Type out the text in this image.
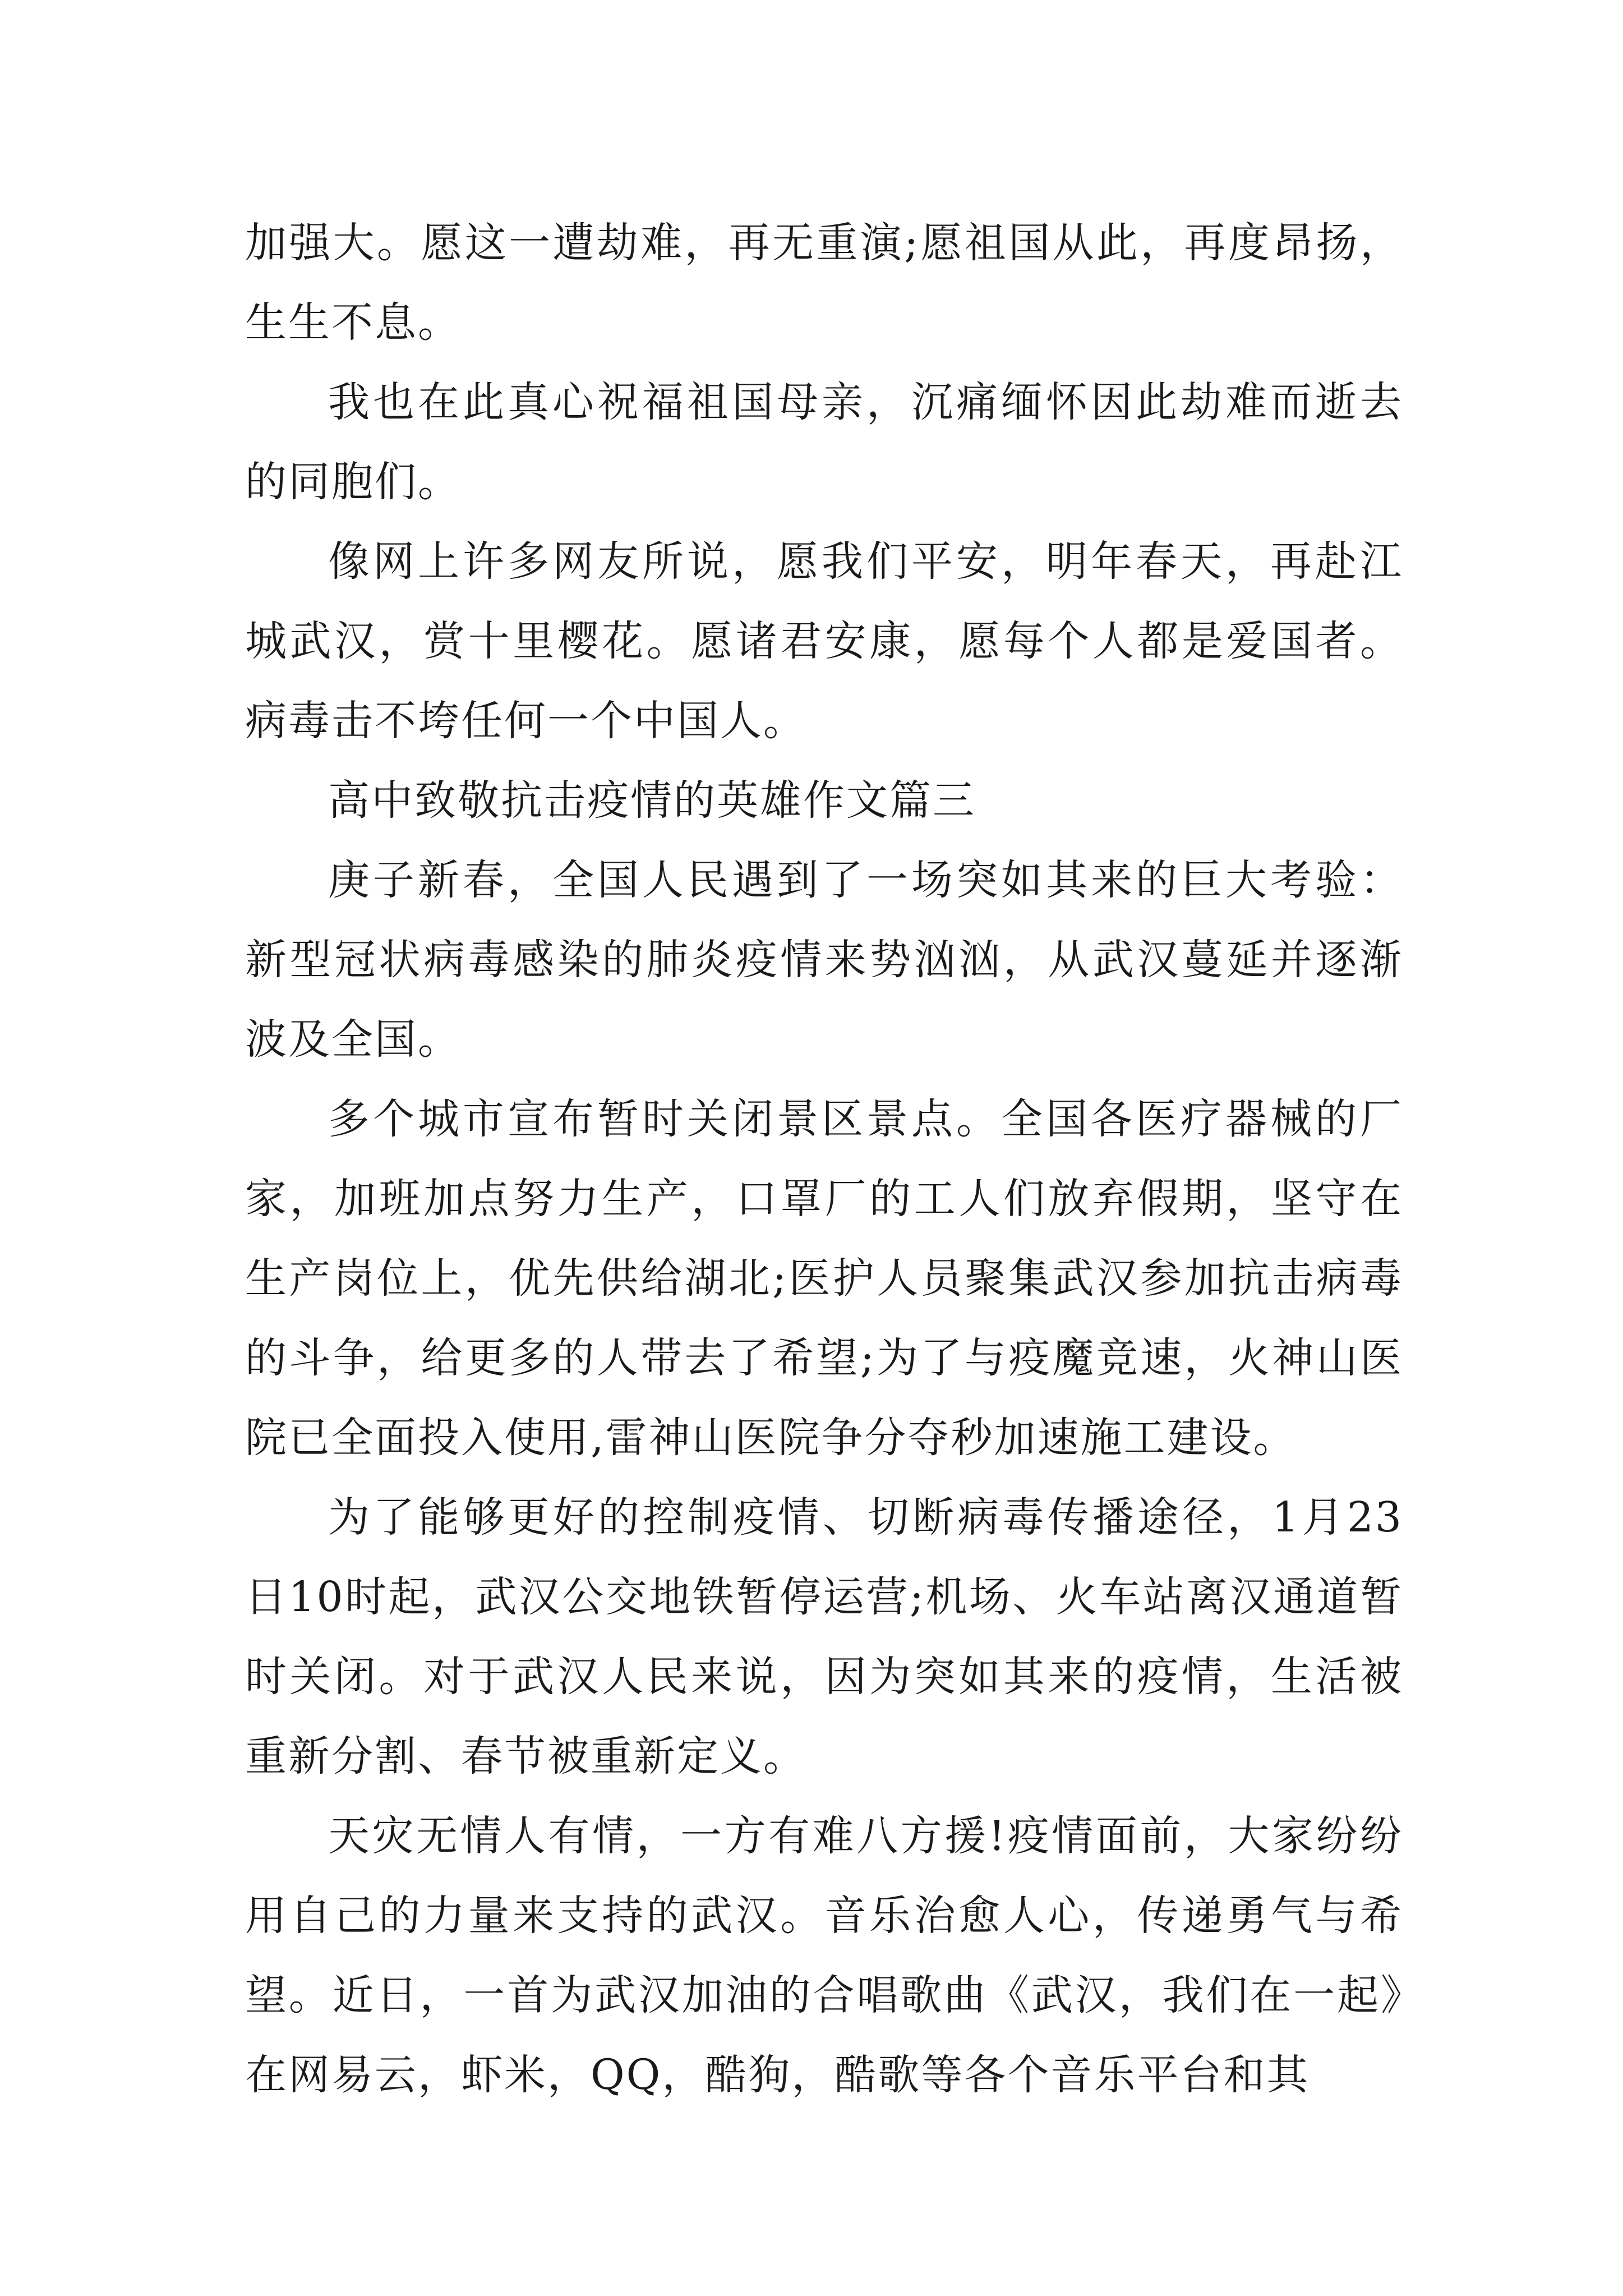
加强大。愿这一遭劫难，再无重演;愿祖国从此，再度昂扬，生生不息。

我也在此真心祝福祖国母亲，沉痛缅怀因此劫难而逝去的同胞们。

像网上许多网友所说，愿我们平安，明年春天，再赴江城武汉，赏十里樱花。愿诸君安康，愿每个人都是爱国者。病毒击不垮任何一个中国人。

高中致敬抗击疫情的英雄作文篇三

庚子新春，全国人民遇到了一场突如其来的巨大考验：新型冠状病毒感染的肺炎疫情来势汹汹，从武汉蔓延并逐渐波及全国。

多个城市宣布暂时关闭景区景点。全国各医疗器械的厂家，加班加点努力生产，口罩厂的工人们放弃假期，坚守在生产岗位上，优先供给湖北;医护人员聚集武汉参加抗击病毒的斗争，给更多的人带去了希望;为了与疫魔竞速，火神山医院已全面投入使用,雷神山医院争分夺秒加速施工建设。

为了能够更好的控制疫情、切断病毒传播途径，1月23日10时起，武汉公交地铁暂停运营;机场、火车站离汉通道暂时关闭。对于武汉人民来说，因为突如其来的疫情，生活被重新分割、春节被重新定义。

天灾无情人有情，一方有难八方援!疫情面前，大家纷纷用自己的力量来支持的武汉。音乐治愈人心，传递勇气与希望。近日，一首为武汉加油的合唱歌曲《武汉，我们在一起》在网易云，虾米，QQ，酷狗，酷歌等各个音乐平台和其
